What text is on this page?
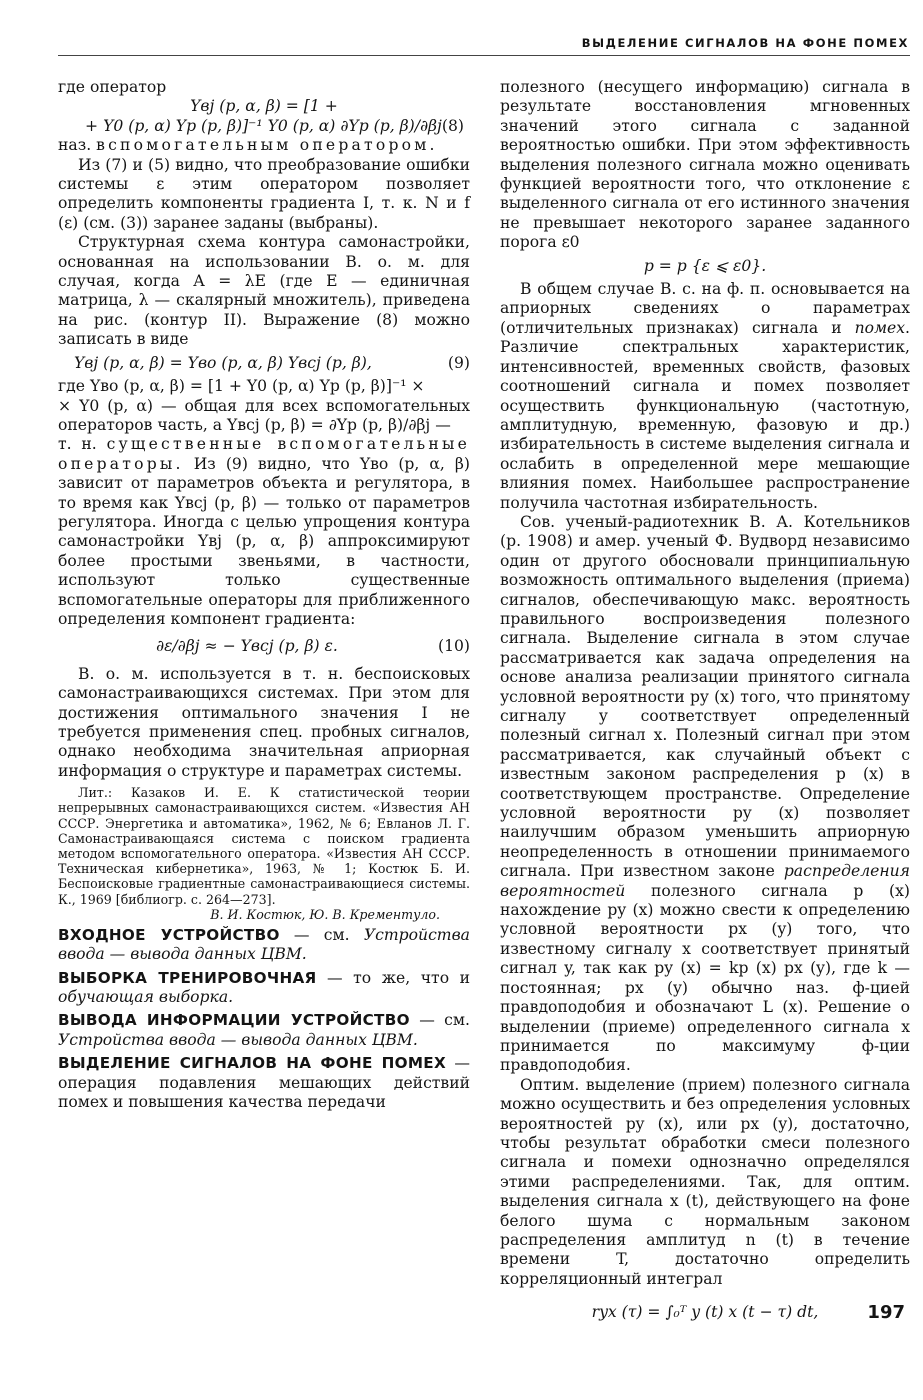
ВЫДЕЛЕНИЕ СИГНАЛОВ НА ФОНЕ ПОМЕХ

где оператор

Yвj (p, α, β) = [1 +
+ Y0 (p, α) Yp (p, β)]⁻¹ Y0 (p, α) ∂Yp (p, β)/∂βj (8)

наз. вспомогательным оператором.

Из (7) и (5) видно, что преобразование ошибки системы ε этим оператором позволяет определить компоненты градиента I, т. к. N и f (ε) (см. (3)) заранее заданы (выбраны).

Структурная схема контура самонастройки, основанная на использовании В. о. м. для случая, когда A = λE (где E — единичная матрица, λ — скалярный множитель), приведена на рис. (контур II). Выражение (8) можно записать в виде

Yвj (p, α, β) = Yво (p, α, β) Yвсj (p, β),	(9)

где Yво (p, α, β) = [1 + Y0 (p, α) Yp (p, β)]⁻¹ ×

× Y0 (p, α) — общая для всех вспомогательных операторов часть, а Yвсj (p, β) = ∂Yp (p, β)/∂βj —

т. н. существенные вспомогательные операторы. Из (9) видно, что Yво (p, α, β) зависит от параметров объекта и регулятора, в то время как Yвсj (p, β) — только от параметров регулятора. Иногда с целью упрощения контура самонастройки Yвj (p, α, β) аппроксимируют более простыми звеньями, в частности, используют только существенные вспомогательные операторы для приближенного определения компонент градиента:

∂ε/∂βj ≈ − Yвсj (p, β) ε.	(10)

В. о. м. используется в т. н. беспоисковых самонастраивающихся системах. При этом для достижения оптимального значения I не требуется применения спец. пробных сигналов, однако необходима значительная априорная информация о структуре и параметрах системы.

Лит.: Казаков И. Е. К статистической теории непрерывных самонастраивающихся систем. «Известия АН СССР. Энергетика и автоматика», 1962, № 6; Евланов Л. Г. Самонастраивающаяся система с поиском градиента методом вспомогательного оператора. «Известия АН СССР. Техническая кибернетика», 1963, № 1; Костюк Б. И. Беспоисковые градиентные самонастраивающиеся системы. К., 1969 [библиогр. с. 264—273].

В. И. Костюк, Ю. В. Крементуло.

ВХОДНОЕ УСТРОЙСТВО — см. Устройства ввода — вывода данных ЦВМ.

ВЫБОРКА ТРЕНИРОВОЧНАЯ — то же, что и обучающая выборка.

ВЫВОДА ИНФОРМАЦИИ УСТРОЙСТВО — см. Устройства ввода — вывода данных ЦВМ.

ВЫДЕЛЕНИЕ СИГНАЛОВ НА ФОНЕ ПОМЕХ — операция подавления мешающих действий помех и повышения качества передачи

полезного (несущего информацию) сигнала в результате восстановления мгновенных значений этого сигнала с заданной вероятностью ошибки. При этом эффективность выделения полезного сигнала можно оценивать функцией вероятности того, что отклонение ε выделенного сигнала от его истинного значения не превышает некоторого заранее заданного порога ε0

p = p {ε ⩽ ε0}.

В общем случае В. с. на ф. п. основывается на априорных сведениях о параметрах (отличительных признаках) сигнала и помех. Различие спектральных характеристик, интенсивностей, временных свойств, фазовых соотношений сигнала и помех позволяет осуществить функциональную (частотную, амплитудную, временную, фазовую и др.) избирательность в системе выделения сигнала и ослабить в определенной мере мешающие влияния помех. Наибольшее распространение получила частотная избирательность.

Сов. ученый-радиотехник В. А. Котельников (р. 1908) и амер. ученый Ф. Вудворд независимо один от другого обосновали принципиальную возможность оптимального выделения (приема) сигналов, обеспечивающую макс. вероятность правильного воспроизведения полезного сигнала. Выделение сигнала в этом случае рассматривается как задача определения на основе анализа реализации принятого сигнала условной вероятности py (x) того, что принятому сигналу y соответствует определенный полезный сигнал x. Полезный сигнал при этом рассматривается, как случайный объект с известным законом распределения p (x) в соответствующем пространстве. Определение условной вероятности py (x) позволяет наилучшим образом уменьшить априорную неопределенность в отношении принимаемого сигнала. При известном законе распределения вероятностей полезного сигнала p (x) нахождение py (x) можно свести к определению условной вероятности px (y) того, что известному сигналу x соответствует принятый сигнал y, так как py (x) = kp (x) px (y), где k — постоянная; px (y) обычно наз. ф-цией правдоподобия и обозначают L (x). Решение о выделении (приеме) определенного сигнала x принимается по максимуму ф-ции правдоподобия.

Оптим. выделение (прием) полезного сигнала можно осуществить и без определения условных вероятностей py (x), или px (y), достаточно, чтобы результат обработки смеси полезного сигнала и помехи однозначно определялся этими распределениями. Так, для оптим. выделения сигнала x (t), действующего на фоне белого шума с нормальным законом распределения амплитуд n (t) в течение времени T, достаточно определить корреляционный интеграл

ryx (τ) = ∫₀ᵀ y (t) x (t − τ) dt,	197
